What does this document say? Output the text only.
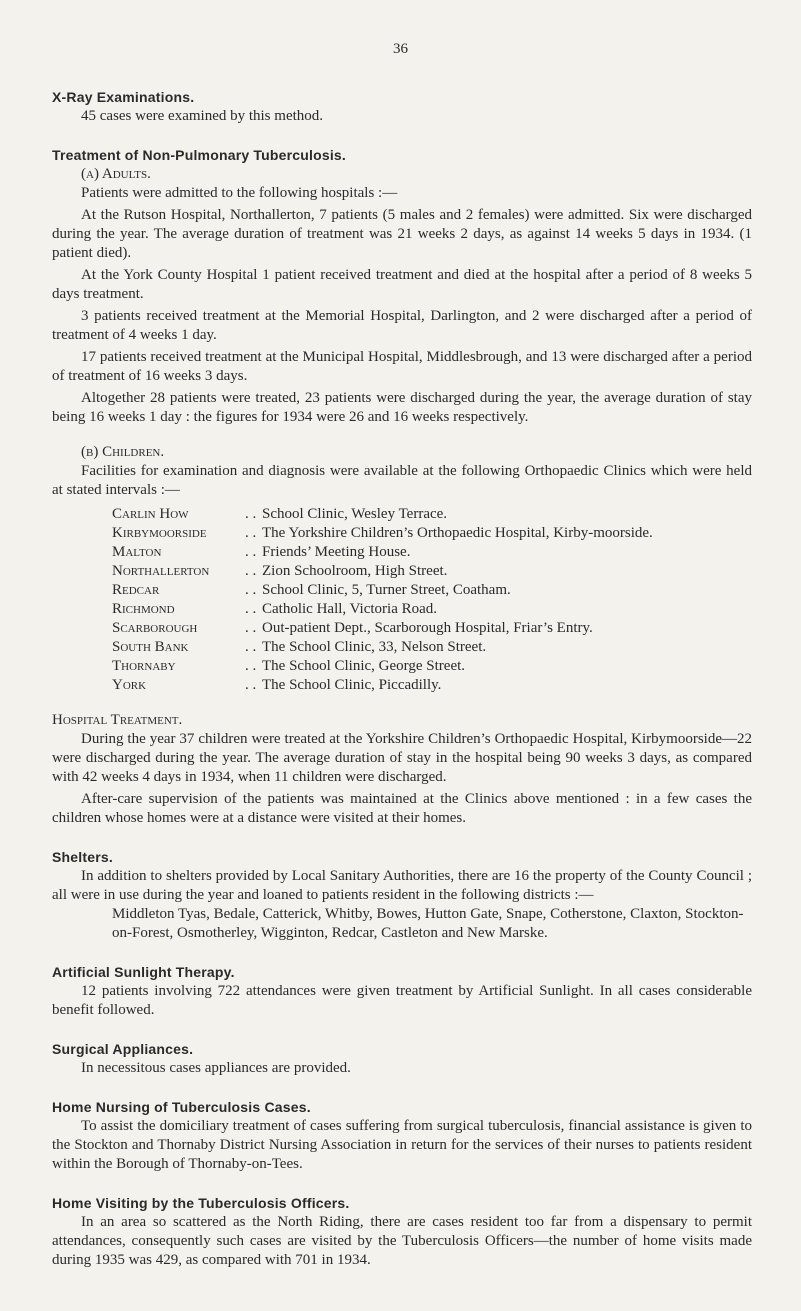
36
X-Ray Examinations.

45 cases were examined by this method.

Treatment of Non-Pulmonary Tuberculosis.

(a) Adults.

Patients were admitted to the following hospitals :—

At the Rutson Hospital, Northallerton, 7 patients (5 males and 2 females) were admitted. Six were discharged during the year. The average duration of treatment was 21 weeks 2 days, as against 14 weeks 5 days in 1934. (1 patient died).

At the York County Hospital 1 patient received treatment and died at the hospital after a period of 8 weeks 5 days treatment.

3 patients received treatment at the Memorial Hospital, Darlington, and 2 were discharged after a period of treatment of 4 weeks 1 day.

17 patients received treatment at the Municipal Hospital, Middlesbrough, and 13 were discharged after a period of treatment of 16 weeks 3 days.

Altogether 28 patients were treated, 23 patients were discharged during the year, the average duration of stay being 16 weeks 1 day : the figures for 1934 were 26 and 16 weeks respectively.

(b) Children.

Facilities for examination and diagnosis were available at the following Orthopaedic Clinics which were held at stated intervals :—

Carlin How	. . School Clinic, Wesley Terrace.
Kirbymoorside	. . The Yorkshire Children’s Orthopaedic Hospital, Kirby-moorside.
Malton	. . Friends’ Meeting House.
Northallerton	. . Zion Schoolroom, High Street.
Redcar	. . School Clinic, 5, Turner Street, Coatham.
Richmond	. . Catholic Hall, Victoria Road.
Scarborough	. . Out-patient Dept., Scarborough Hospital, Friar’s Entry.
South Bank	. . The School Clinic, 33, Nelson Street.
Thornaby	. . The School Clinic, George Street.
York	. . The School Clinic, Piccadilly.

Hospital Treatment.

During the year 37 children were treated at the Yorkshire Children’s Orthopaedic Hospital, Kirbymoorside—22 were discharged during the year. The average duration of stay in the hospital being 90 weeks 3 days, as compared with 42 weeks 4 days in 1934, when 11 children were discharged.

After-care supervision of the patients was maintained at the Clinics above mentioned : in a few cases the children whose homes were at a distance were visited at their homes.

Shelters.

In addition to shelters provided by Local Sanitary Authorities, there are 16 the property of the County Council ; all were in use during the year and loaned to patients resident in the following districts :—

Middleton Tyas, Bedale, Catterick, Whitby, Bowes, Hutton Gate, Snape, Cotherstone, Claxton, Stockton-on-Forest, Osmotherley, Wigginton, Redcar, Castleton and New Marske.

Artificial Sunlight Therapy.

12 patients involving 722 attendances were given treatment by Artificial Sunlight. In all cases considerable benefit followed.

Surgical Appliances.

In necessitous cases appliances are provided.

Home Nursing of Tuberculosis Cases.

To assist the domiciliary treatment of cases suffering from surgical tuberculosis, financial assistance is given to the Stockton and Thornaby District Nursing Association in return for the services of their nurses to patients resident within the Borough of Thornaby-on-Tees.

Home Visiting by the Tuberculosis Officers.

In an area so scattered as the North Riding, there are cases resident too far from a dispensary to permit attendances, consequently such cases are visited by the Tuberculosis Officers—the number of home visits made during 1935 was 429, as compared with 701 in 1934.
